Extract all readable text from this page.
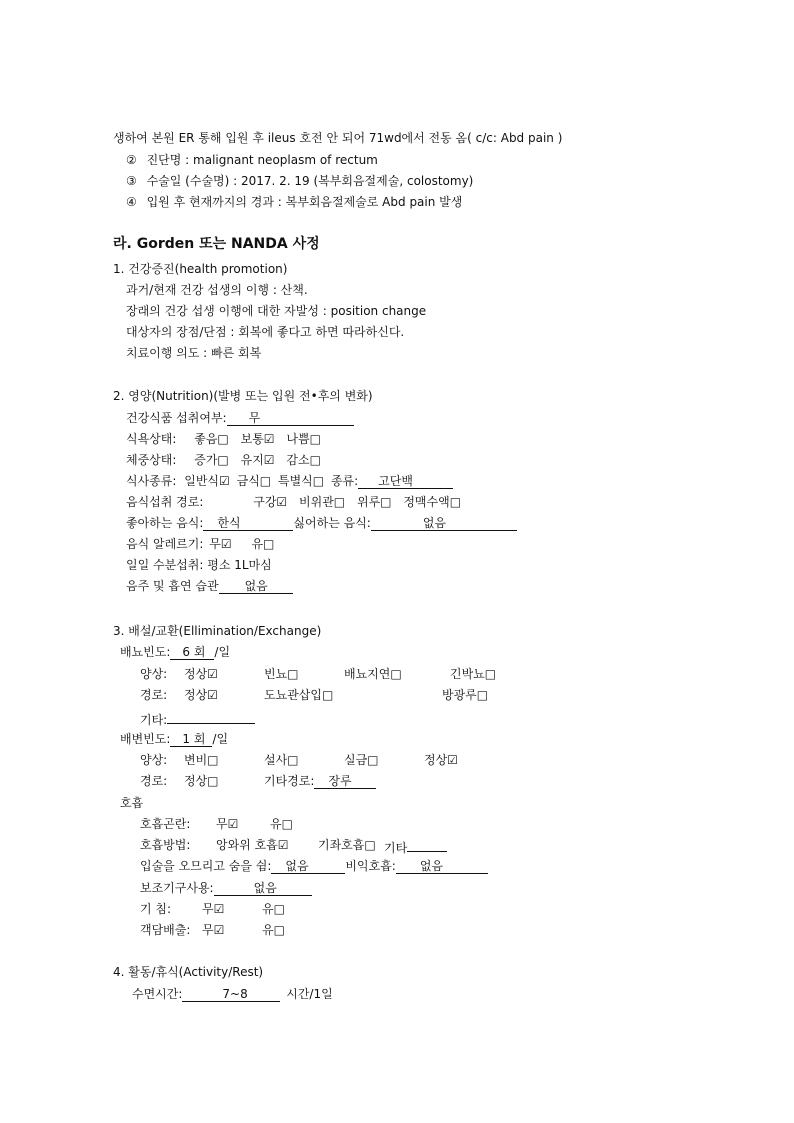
생하여 본원 ER 통해 입원 후 ileus 호전 안 되어 71wd에서 전동 옴( c/c: Abd pain )
② 진단명 : malignant neoplasm of rectum
③ 수술일 (수술명) : 2017. 2. 19 (복부회음절제술, colostomy)
④ 입원 후 현재까지의 경과 : 복부회음절제술로 Abd pain 발생
라. Gorden 또는 NANDA 사정
1. 건강증진(health promotion)
과거/현재 건강 섭생의 이행 : 산책.
장래의 건강 섭생 이행에 대한 자발성 : position change
대상자의 장점/단점 : 회복에 좋다고 하면 따라하신다.
치료이행 의도 : 빠른 회복
2. 영양(Nutrition)(발병 또는 입원 전•후의 변화)
건강식품 섭취여부: 무
식욕상태: 좋음□ 보통☑ 나쁨□
체중상태: 증가□ 유지☑ 감소□
식사종류: 일반식☑ 금식□ 특별식□ 종류: 고단백
음식섭취 경로:	구강☑ 비위관□ 위루□ 정맥수액□
좋아하는 음식: 한식	싫어하는 음식:	없음
음식 알레르기: 무☑ 유□
일일 수분섭취: 평소 1L마심
음주 및 흡연 습관 없음
3. 배설/교환(Ellimination/Exchange)
배뇨빈도: 6 회 /일
양상: 정상☑	빈뇨□	배뇨지연□	긴박뇨□
경로: 정상☑	도뇨관삽입□	방광루□
기타:
배변빈도: 1 회 /일
양상: 변비□	설사□	실금□	정상☑
경로: 정상□	기타경로: 장루
호흡
호흡곤란: 무☑	유□
호흡방법: 앙와위 호흡☑ 기좌호흡□ 기타
입술을 오므리고 숨을 쉼: 없음	비익호흡: 없음
보조기구사용:	없음
기 침:	무☑	유□
객담배출: 무☑	유□
4. 활동/휴식(Activity/Rest)
수면시간:	7~8	시간/1일
